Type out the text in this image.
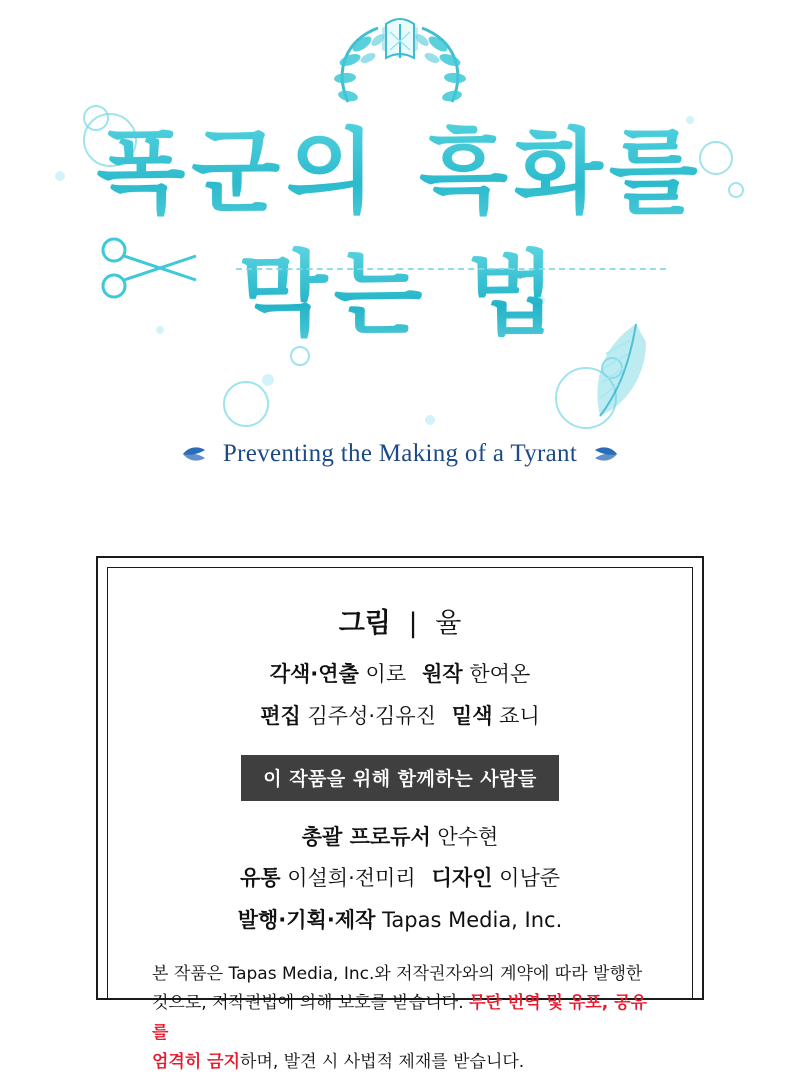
폭군의 흑화를
막는 법
Preventing the Making of a Tyrant
그림 | 율
각색·연출 이로 원작 한여온
편집 김주성·김유진 밑색 죠니
이 작품을 위해 함께하는 사람들
총괄 프로듀서 안수현
유통 이설희·전미리 디자인 이남준
발행·기획·제작 Tapas Media, Inc.
본 작품은 Tapas Media, Inc.와 저작권자와의 계약에 따라 발행한
것으로, 저작권법에 의해 보호를 받습니다. 무단 번역 및 유포, 공유를
엄격히 금지하며, 발견 시 사법적 제재를 받습니다.
